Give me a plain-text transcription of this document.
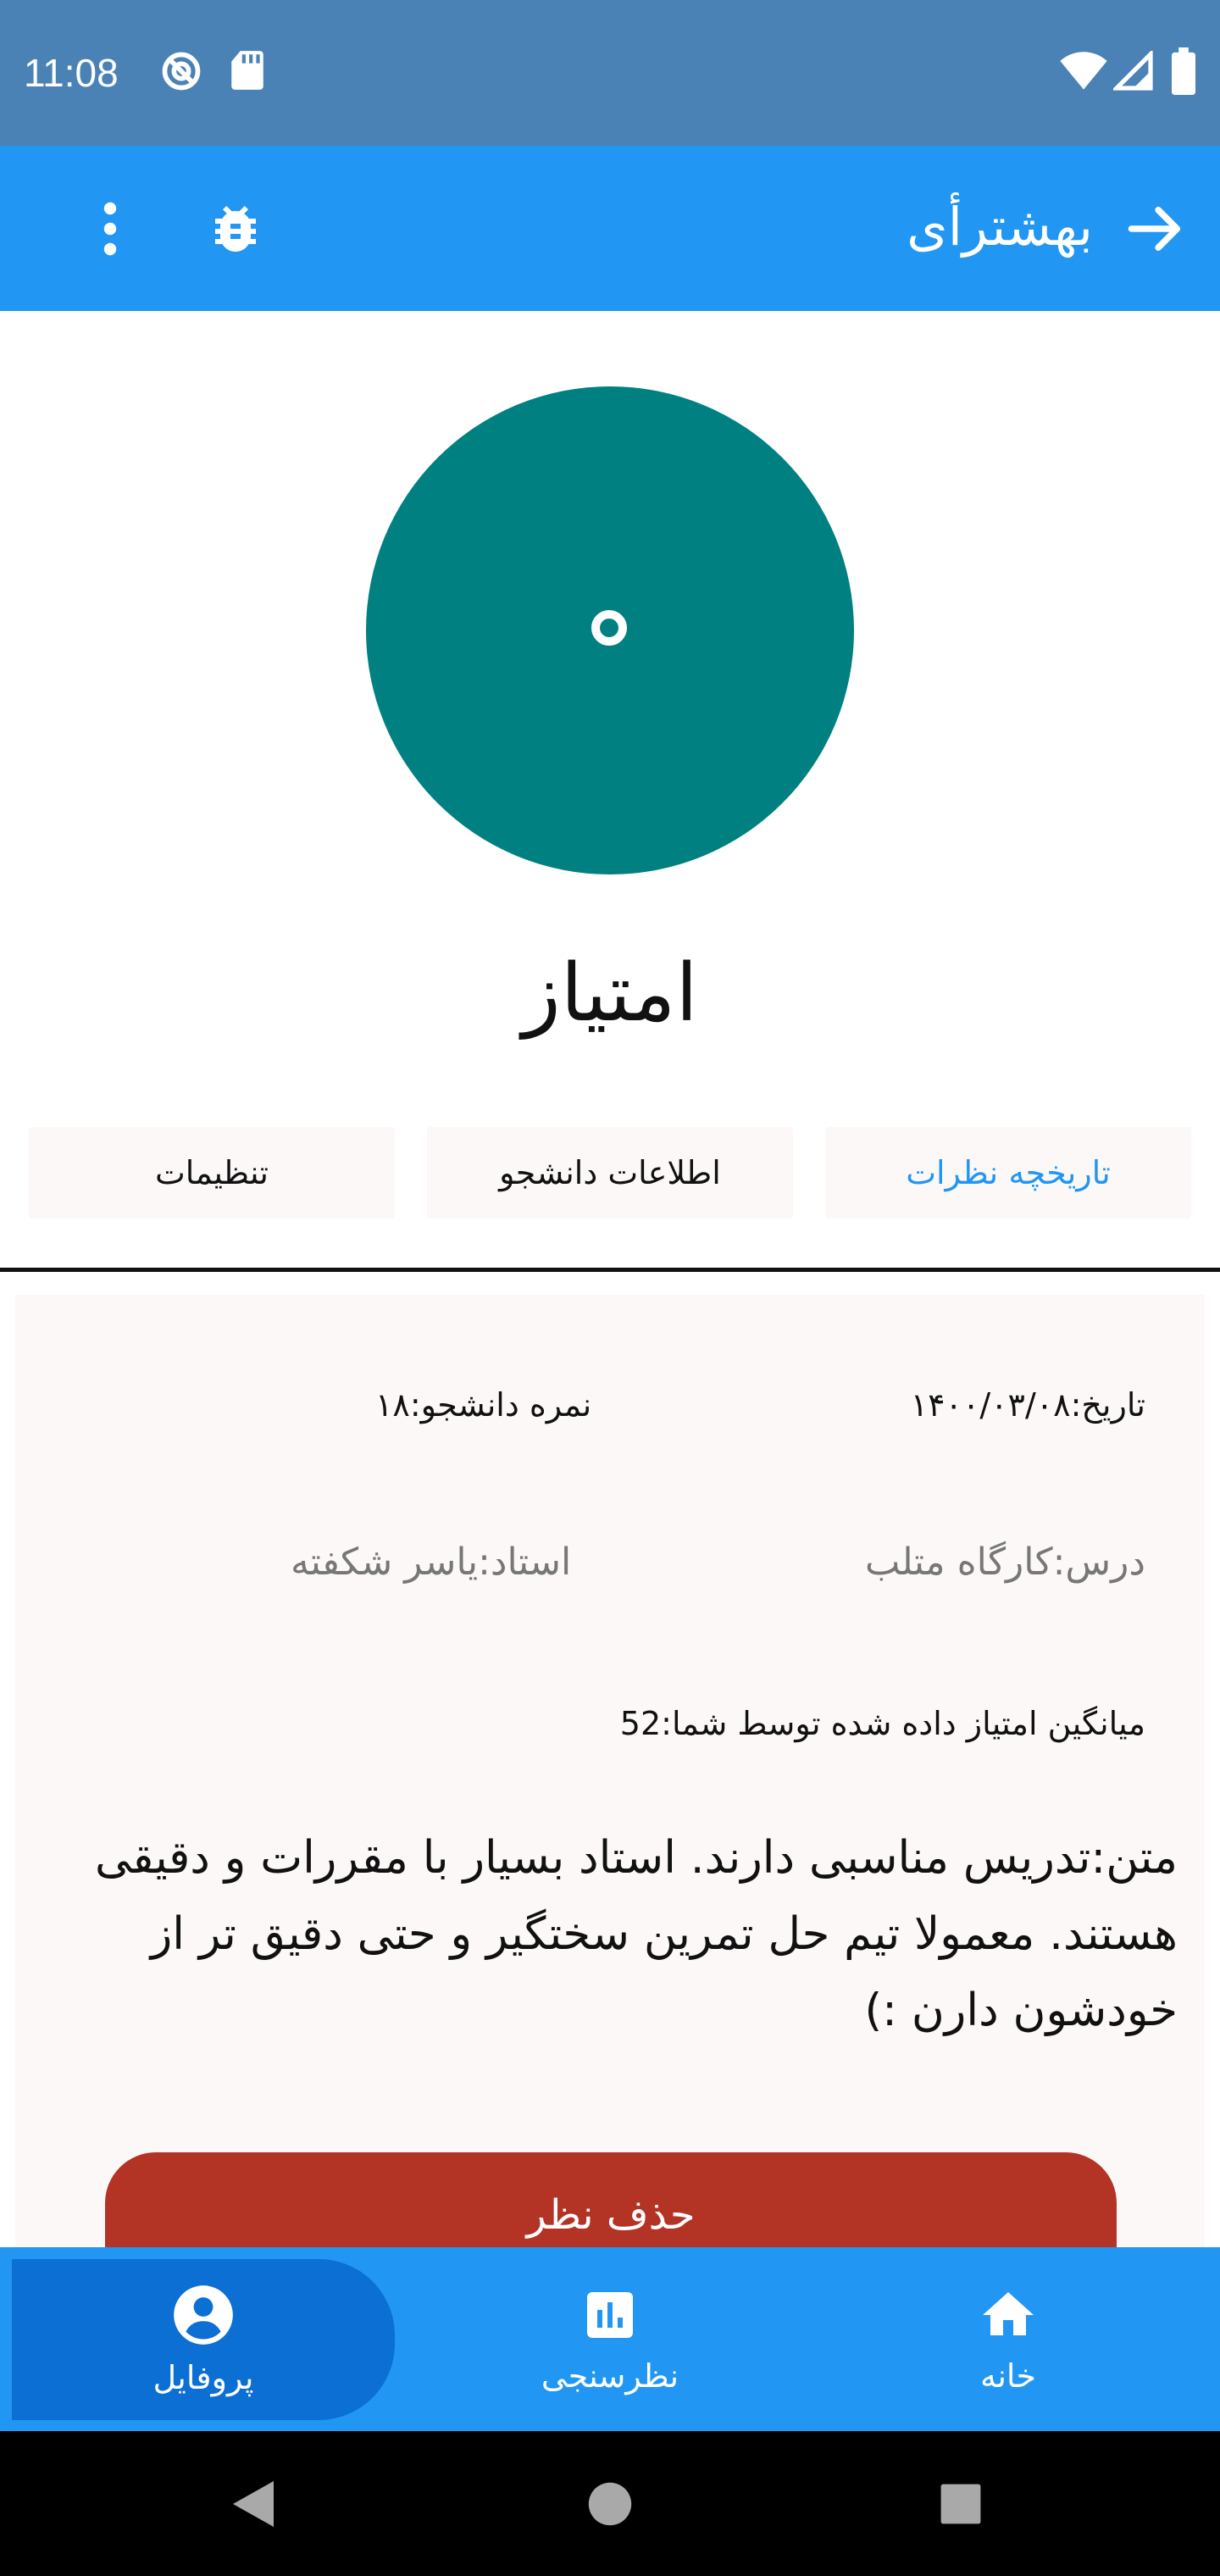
11:08
بهشترأی
امتیاز
تاریخچه نظرات
اطلاعات دانشجو
تنظیمات
تاریخ:۱۴۰۰/۰۳/۰۸
نمره دانشجو:۱۸
درس:کارگاه متلب
استاد:یاسر شکفته
میانگین امتیاز داده شده توسط شما:52
متن:تدریس مناسبی دارند. استاد بسیار با مقررات و دقیقی هستند. معمولا تیم حل تمرین سختگیر و حتی دقیق تر از خودشون دارن :)
حذف نظر
خانه
نظرسنجی
پروفایل
